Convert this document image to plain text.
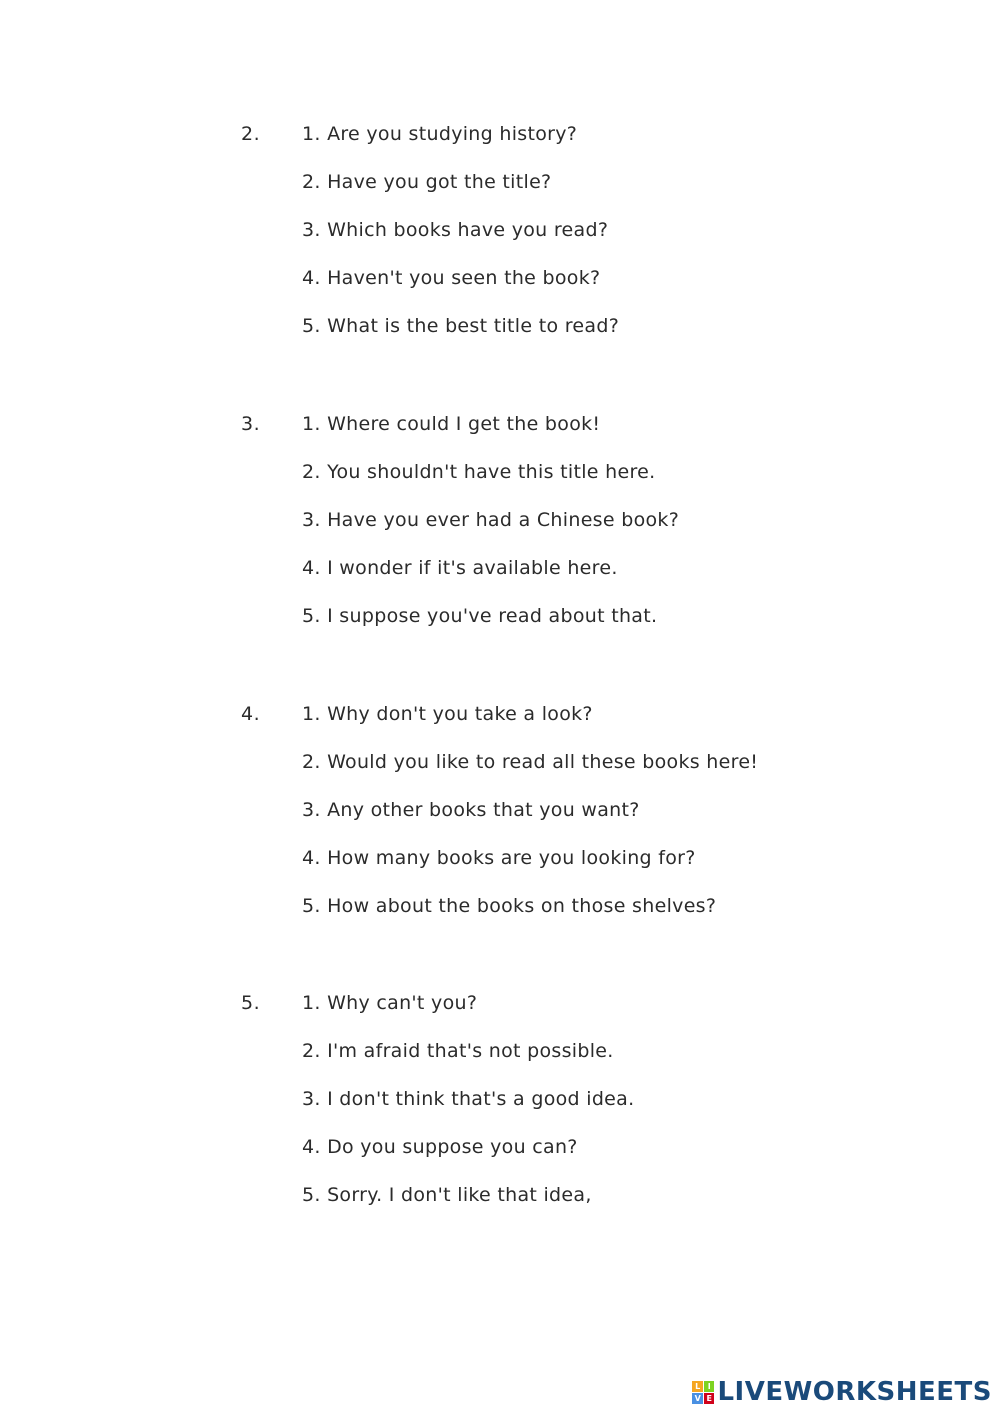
2. 1. Are you studying history?
2. Have you got the title?
3. Which books have you read?
4. Haven't you seen the book?
5. What is the best title to read?
3. 1. Where could I get the book!
2. You shouldn't have this title here.
3. Have you ever had a Chinese book?
4. I wonder if it's available here.
5. I suppose you've read about that.
4. 1. Why don't you take a look?
2. Would you like to read all these books here!
3. Any other books that you want?
4. How many books are you looking for?
5. How about the books on those shelves?
5. 1. Why can't you?
2. I'm afraid that's not possible.
3. I don't think that's a good idea.
4. Do you suppose you can?
5. Sorry. I don't like that idea,
L I
V E LIVEWORKSHEETS
